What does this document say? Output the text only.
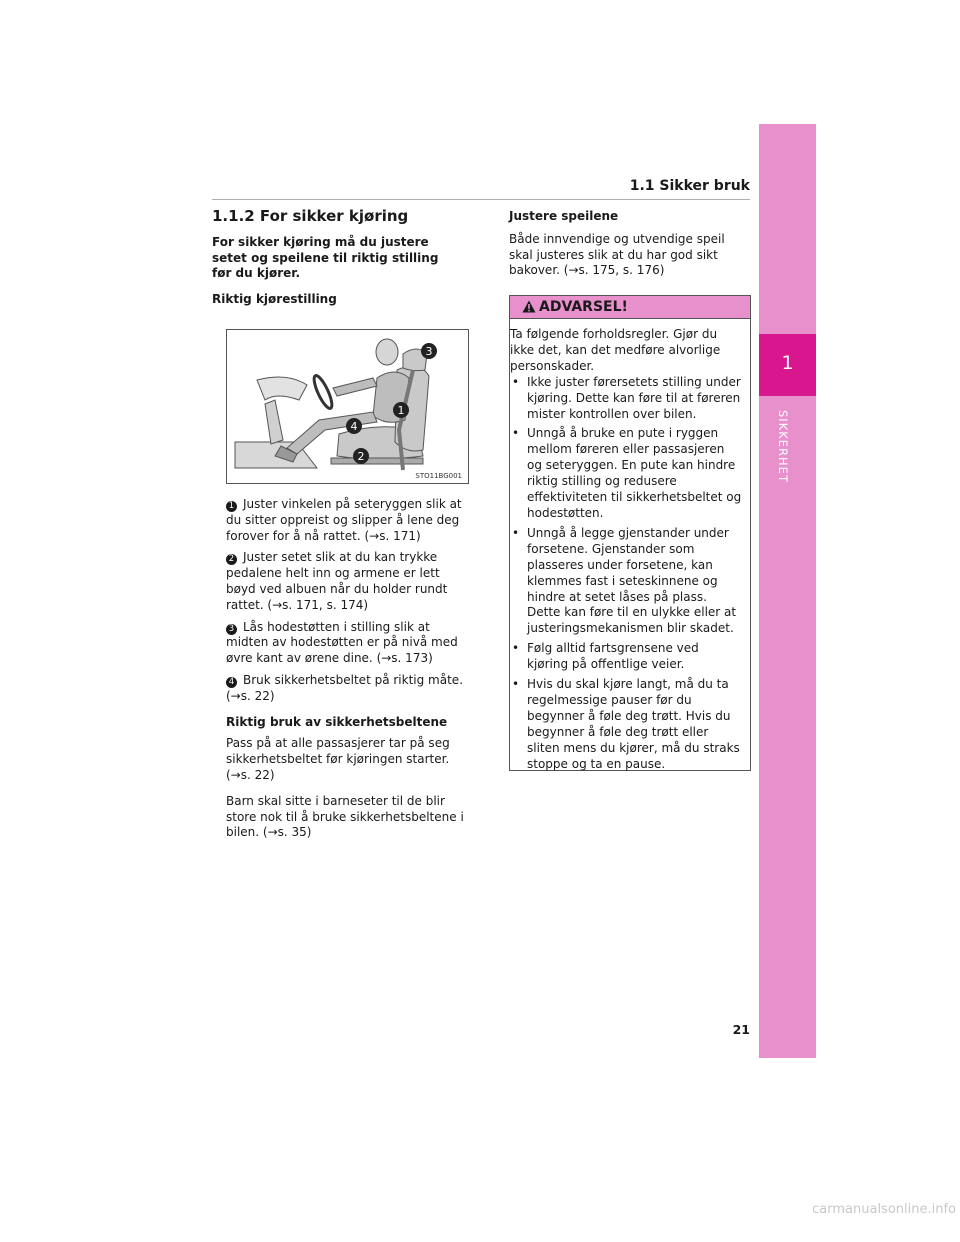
1.1 Sikker bruk
1
SIKKERHET
1.1.2 For sikker kjøring

For sikker kjøring må du justere setet og speilene til riktig stilling før du kjører.

Riktig kjørestilling

3
1
4
2
STO11BG001

1 Juster vinkelen på seteryggen slik at du sitter oppreist og slipper å lene deg forover for å nå rattet. (→s. 171)

2 Juster setet slik at du kan trykke pedalene helt inn og armene er lett bøyd ved albuen når du holder rundt rattet. (→s. 171, s. 174)

3 Lås hodestøtten i stilling slik at midten av hodestøtten er på nivå med øvre kant av ørene dine. (→s. 173)

4 Bruk sikkerhetsbeltet på riktig måte. (→s. 22)

Riktig bruk av sikkerhetsbeltene

Pass på at alle passasjerer tar på seg sikkerhetsbeltet før kjøringen starter. (→s. 22)

Barn skal sitte i barneseter til de blir store nok til å bruke sikkerhetsbeltene i bilen. (→s. 35)

Justere speilene

Både innvendige og utvendige speil skal justeres slik at du har god sikt bakover. (→s. 175, s. 176)

ADVARSEL!

Ta følgende forholdsregler. Gjør du ikke det, kan det medføre alvorlige personskader.

• Ikke juster førersetets stilling under kjøring. Dette kan føre til at føreren mister kontrollen over bilen.
• Unngå å bruke en pute i ryggen mellom føreren eller passasjeren og seteryggen. En pute kan hindre riktig stilling og redusere effektiviteten til sikkerhetsbeltet og hodestøtten.
• Unngå å legge gjenstander under forsetene. Gjenstander som plasseres under forsetene, kan klemmes fast i seteskinnene og hindre at setet låses på plass. Dette kan føre til en ulykke eller at justeringsmekanismen blir skadet.
• Følg alltid fartsgrensene ved kjøring på offentlige veier.
• Hvis du skal kjøre langt, må du ta regelmessige pauser før du begynner å føle deg trøtt. Hvis du begynner å føle deg trøtt eller sliten mens du kjører, må du straks stoppe og ta en pause.
21
carmanualsonline.info
